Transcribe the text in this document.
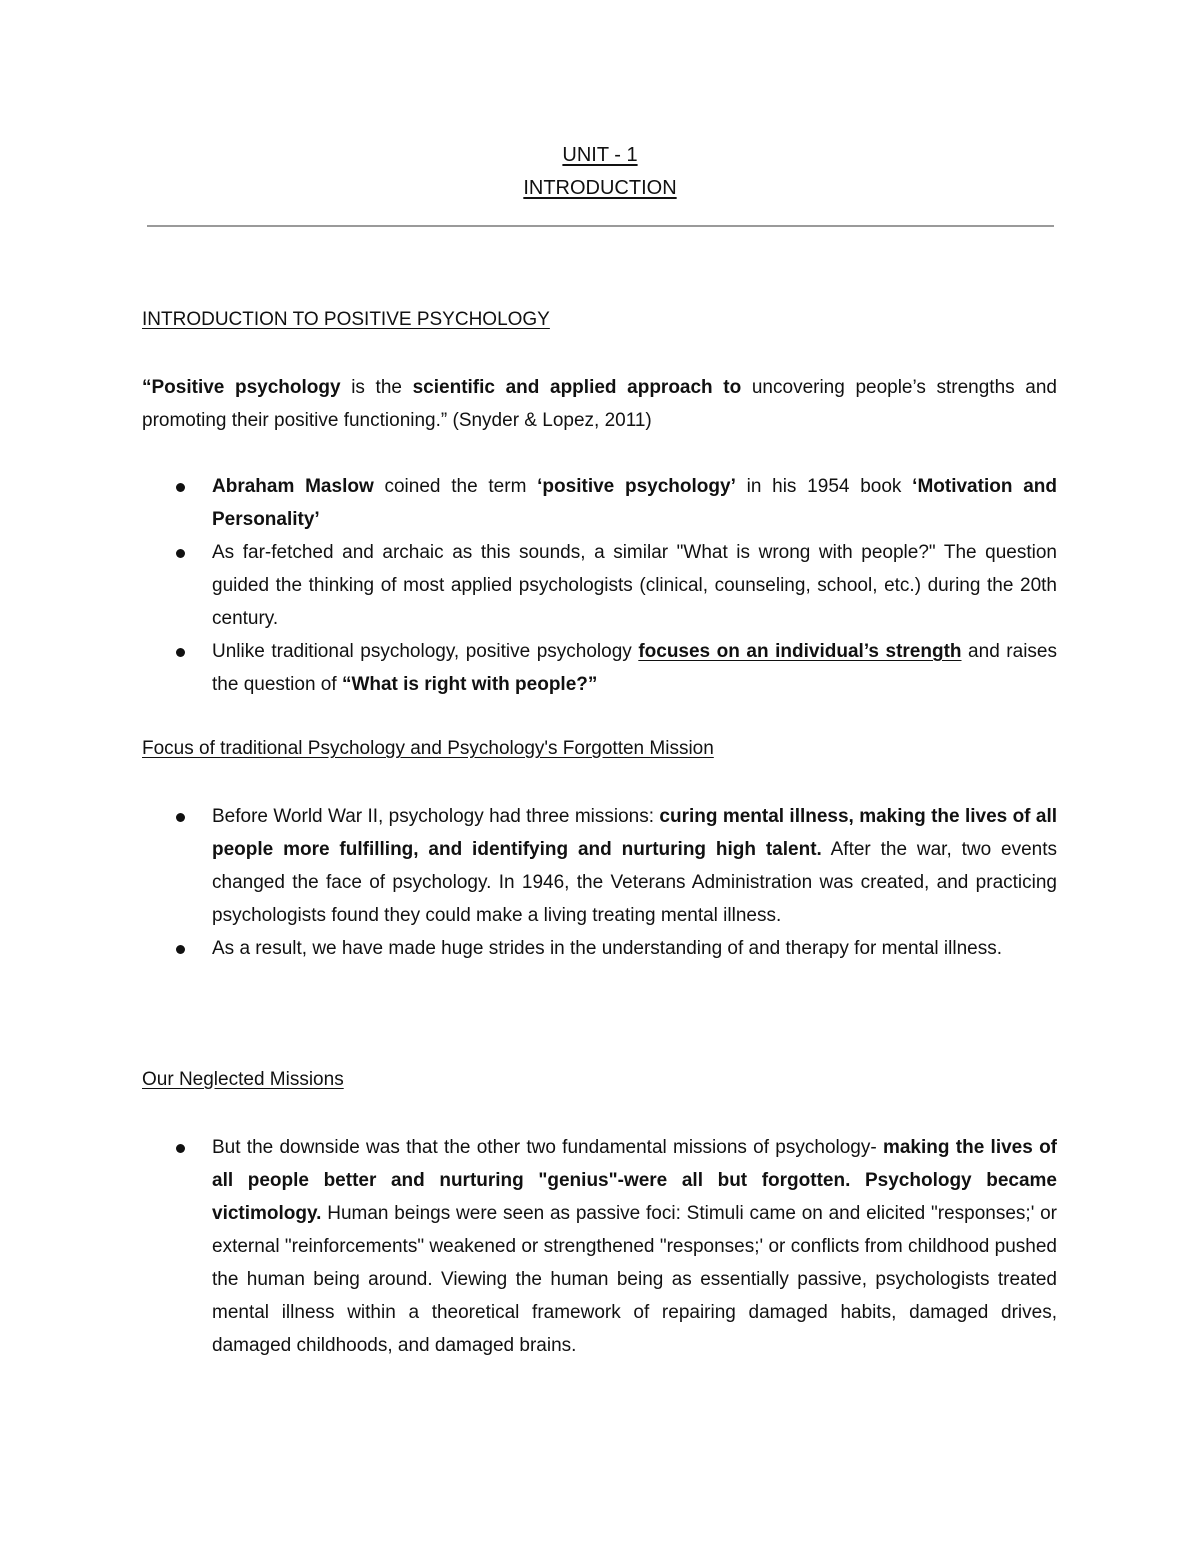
UNIT - 1
INTRODUCTION
INTRODUCTION TO POSITIVE PSYCHOLOGY

“Positive psychology is the scientific and applied approach to uncovering people’s strengths and promoting their positive functioning.” (Snyder & Lopez, 2011)

Abraham Maslow coined the term ‘positive psychology’ in his 1954 book ‘Motivation and Personality’
As far-fetched and archaic as this sounds, a similar "What is wrong with people?" The question guided the thinking of most applied psychologists (clinical, counseling, school, etc.) during the 20th century.
Unlike traditional psychology, positive psychology focuses on an individual’s strength and raises the question of “What is right with people?”
Focus of traditional Psychology and Psychology's Forgotten Mission
Before World War II, psychology had three missions: curing mental illness, making the lives of all people more fulfilling, and identifying and nurturing high talent. After the war, two events changed the face of psychology. In 1946, the Veterans Administration was created, and practicing psychologists found they could make a living treating mental illness.
As a result, we have made huge strides in the understanding of and therapy for mental illness.
Our Neglected Missions
But the downside was that the other two fundamental missions of psychology- making the lives of all people better and nurturing "genius"-were all but forgotten. Psychology became victimology. Human beings were seen as passive foci: Stimuli came on and elicited "responses;' or external "reinforcements" weakened or strengthened "responses;' or conflicts from childhood pushed the human being around. Viewing the human being as essentially passive, psychologists treated mental illness within a theoretical framework of repairing damaged habits, damaged drives, damaged childhoods, and damaged brains.
